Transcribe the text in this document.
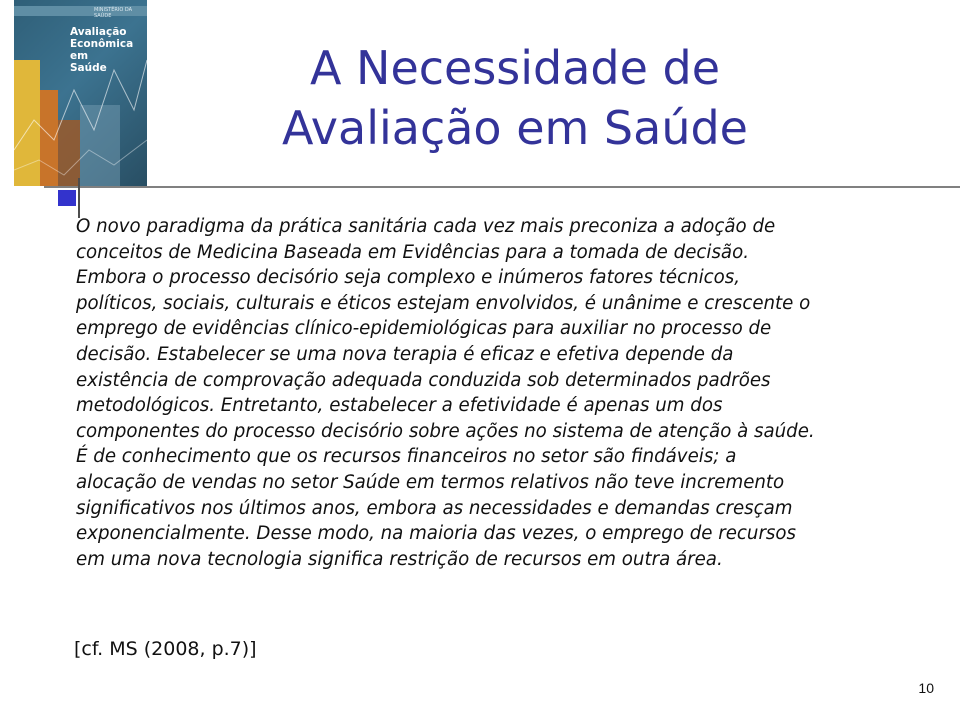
MINISTÉRIO DA SAÚDE
Avaliação
Econômica
em
Saúde	A Necessidade de
Avaliação em Saúde
O novo paradigma da prática sanitária cada vez mais preconiza a adoção de
conceitos de Medicina Baseada em Evidências para a tomada de decisão.
Embora o processo decisório seja complexo e inúmeros fatores técnicos,
políticos, sociais, culturais e éticos estejam envolvidos, é unânime e crescente o
emprego de evidências clínico-epidemiológicas para auxiliar no processo de
decisão. Estabelecer se uma nova terapia é eficaz e efetiva depende da
existência de comprovação adequada conduzida sob determinados padrões
metodológicos. Entretanto, estabelecer a efetividade é apenas um dos
componentes do processo decisório sobre ações no sistema de atenção à saúde.
É de conhecimento que os recursos financeiros no setor são findáveis; a
alocação de vendas no setor Saúde em termos relativos não teve incremento
significativos nos últimos anos, embora as necessidades e demandas cresçam
exponencialmente. Desse modo, na maioria das vezes, o emprego de recursos
em uma nova tecnologia significa restrição de recursos em outra área.

[cf. MS (2008, p.7)]

10
